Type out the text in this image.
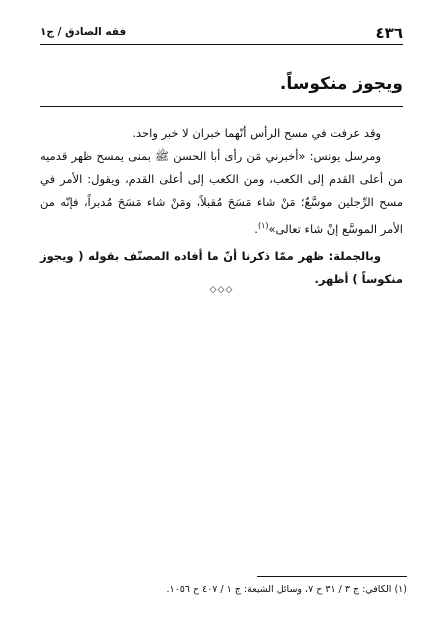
٤٣٦
فقه الصادق / ج١
ويجوز منكوساً.

وقد عرفت في مسح الرأس أنّهما خبران لا خبر واحد.

ومرسل يونس: «أخبرني مَن رأى أبا الحسن ﷺ بمنى يمسح ظهر قدميه من أعلى القدم إلى الكعب، ومن الكعب إلى أعلى القدم، ويقول: الأمر في مسح الرِّجلين موسَّعٌ؛ مَنْ شاء مَسَحَ مُقبلاً، ومَنْ شاء مَسَحَ مُدبراً، فإنّه من الأمر الموسَّع إنْ شاء تعالى»$^{(١)}$.

وبالجملة: ظهر ممّا ذكرنا أنّ ما أفاده المصنّف بقوله ( ويجوز منكوساً ) أظهر.

◇◇◇
(١) الكافي: ج ٣ / ٣١ ح ٧، وسائل الشيعة: ج ١ / ٤٠٧ ح ١٠٥٦.
